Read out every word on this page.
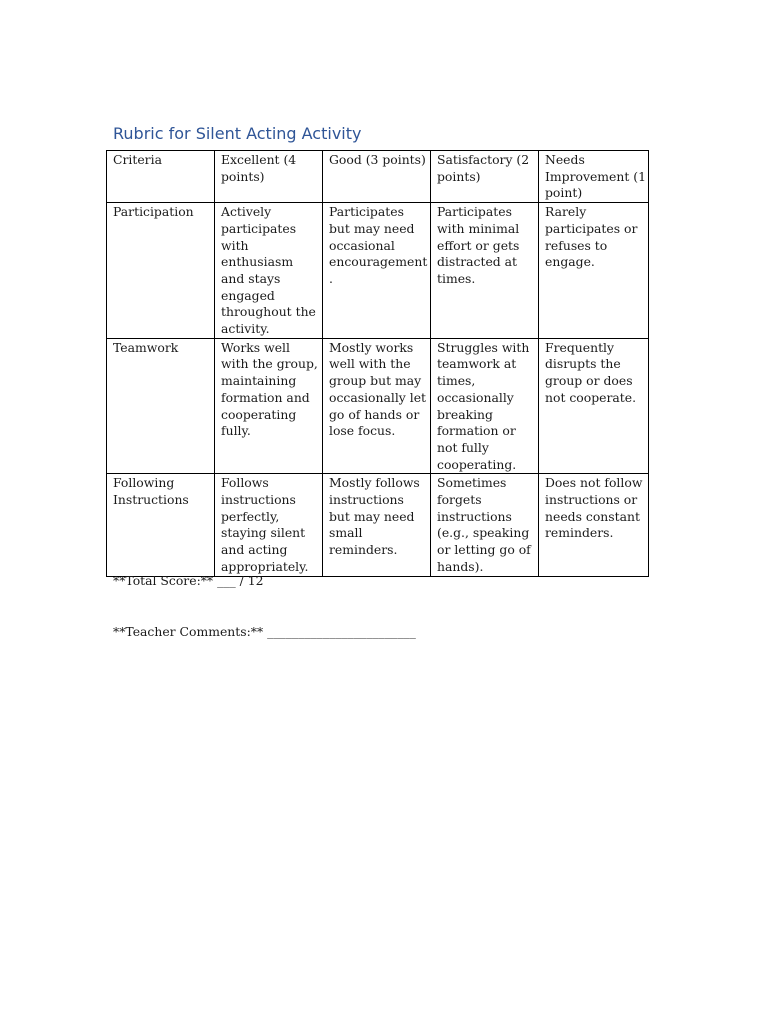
Rubric for Silent Acting Activity
Criteria	Excellent (4 points)	Good (3 points)	Satisfactory (2 points)	Needs Improvement (1 point)
Participation	Actively participates with enthusiasm and stays engaged throughout the activity.	Participates but may need occasional encouragement.	Participates with minimal effort or gets distracted at times.	Rarely participates or refuses to engage.
Teamwork	Works well with the group, maintaining formation and cooperating fully.	Mostly works well with the group but may occasionally let go of hands or lose focus.	Struggles with teamwork at times, occasionally breaking formation or not fully cooperating.	Frequently disrupts the group or does not cooperate.
Following Instructions	Follows instructions perfectly, staying silent and acting appropriately.	Mostly follows instructions but may need small reminders.	Sometimes forgets instructions (e.g., speaking or letting go of hands).	Does not follow instructions or needs constant reminders.
**Total Score:** ___ / 12
**Teacher Comments:** ________________________
